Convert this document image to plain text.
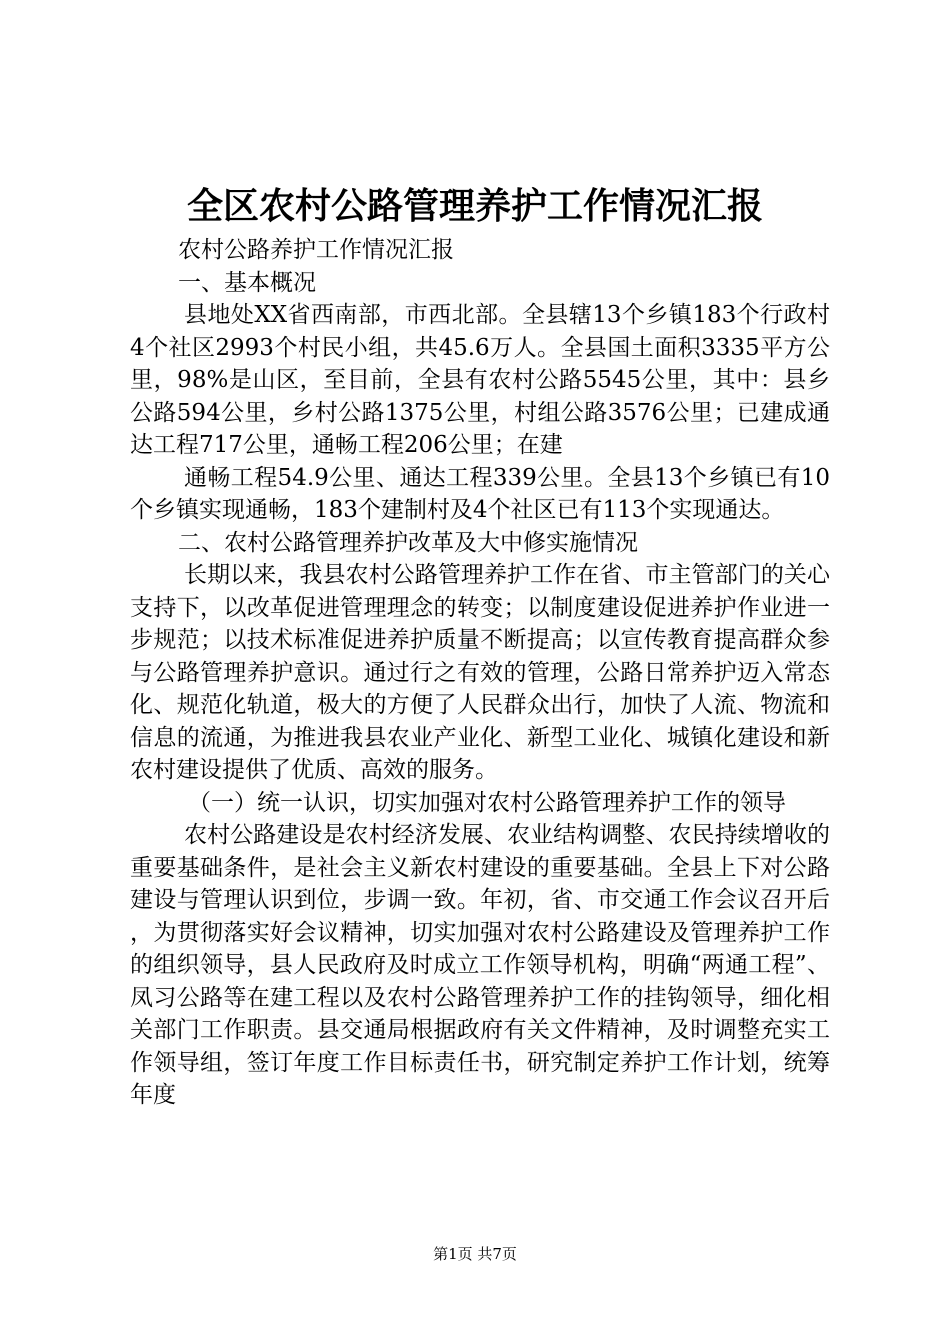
全区农村公路管理养护工作情况汇报

农村公路养护工作情况汇报

一、基本概况

县地处XX省西南部，市西北部。全县辖13个乡镇183个行政村4个社区2993个村民小组，共45.6万人。全县国土面积3335平方公里，98%是山区，至目前，全县有农村公路5545公里，其中：县乡公路594公里，乡村公路1375公里，村组公路3576公里；已建成通达工程717公里，通畅工程206公里；在建

通畅工程54.9公里、通达工程339公里。全县13个乡镇已有10个乡镇实现通畅，183个建制村及4个社区已有113个实现通达。

二、农村公路管理养护改革及大中修实施情况

长期以来，我县农村公路管理养护工作在省、市主管部门的关心支持下，以改革促进管理理念的转变；以制度建设促进养护作业进一步规范；以技术标准促进养护质量不断提高；以宣传教育提高群众参与公路管理养护意识。通过行之有效的管理，公路日常养护迈入常态化、规范化轨道，极大的方便了人民群众出行，加快了人流、物流和信息的流通，为推进我县农业产业化、新型工业化、城镇化建设和新农村建设提供了优质、高效的服务。

（一）统一认识，切实加强对农村公路管理养护工作的领导

农村公路建设是农村经济发展、农业结构调整、农民持续增收的重要基础条件，是社会主义新农村建设的重要基础。全县上下对公路建设与管理认识到位，步调一致。年初，省、市交通工作会议召开后，为贯彻落实好会议精神，切实加强对农村公路建设及管理养护工作的组织领导，县人民政府及时成立工作领导机构，明确“两通工程”、凤习公路等在建工程以及农村公路管理养护工作的挂钩领导，细化相关部门工作职责。县交通局根据政府有关文件精神，及时调整充实工作领导组，签订年度工作目标责任书，研究制定养护工作计划，统筹年度

第1页 共7页
